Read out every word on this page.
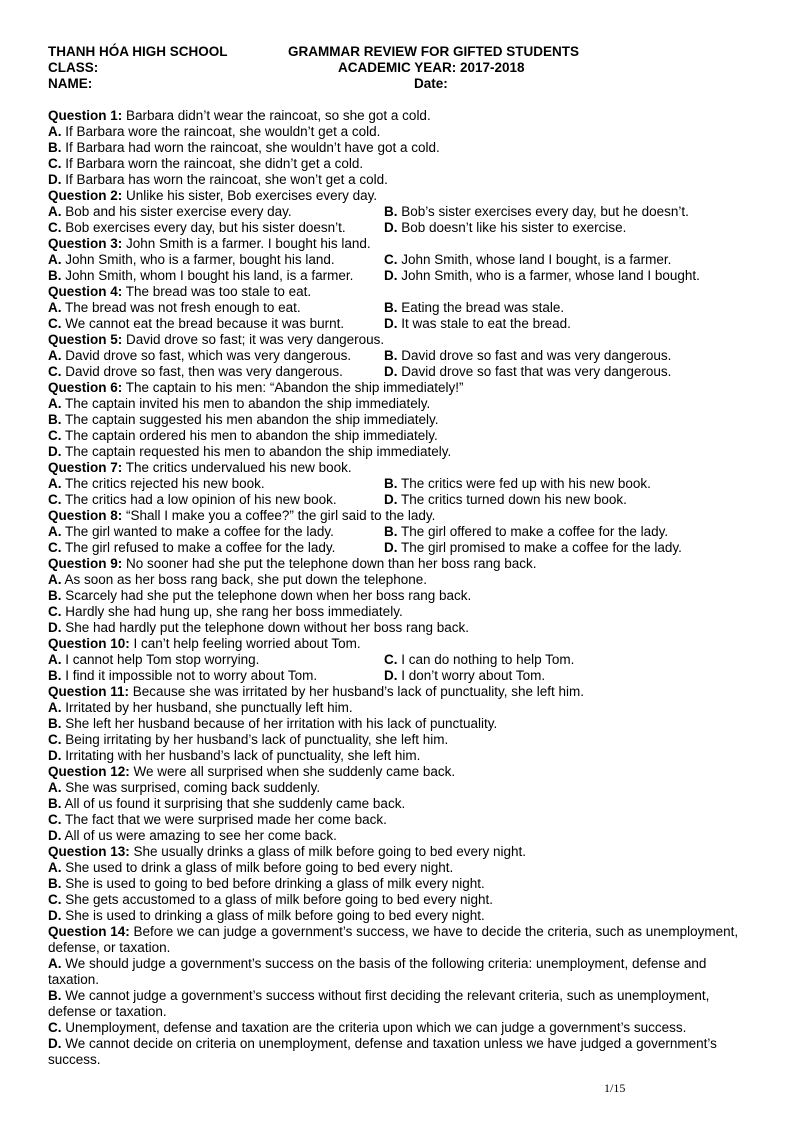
THANH HÓA HIGH SCHOOL
CLASS:
NAME:
GRAMMAR REVIEW FOR GIFTED STUDENTS
ACADEMIC YEAR: 2017-2018
Date:
Question 1: Barbara didn’t wear the raincoat, so she got a cold.
A. If Barbara wore the raincoat, she wouldn’t get a cold.
B. If Barbara had worn the raincoat, she wouldn’t have got a cold.
C. If Barbara worn the raincoat, she didn’t get a cold.
D. If Barbara has worn the raincoat, she won’t get a cold.
Question 2: Unlike his sister, Bob exercises every day.
A. Bob and his sister exercise every day.	B. Bob’s sister exercises every day, but he doesn’t.
C. Bob exercises every day, but his sister doesn’t.	D. Bob doesn’t like his sister to exercise.
Question 3: John Smith is a farmer. I bought his land.
A. John Smith, who is a farmer, bought his land.	C. John Smith, whose land I bought, is a farmer.
B. John Smith, whom I bought his land, is a farmer.	D. John Smith, who is a farmer, whose land I bought.
Question 4: The bread was too stale to eat.
A. The bread was not fresh enough to eat.	B. Eating the bread was stale.
C. We cannot eat the bread because it was burnt.	D. It was stale to eat the bread.
Question 5: David drove so fast; it was very dangerous.
A. David drove so fast, which was very dangerous.	B. David drove so fast and was very dangerous.
C. David drove so fast, then was very dangerous.	D. David drove so fast that was very dangerous.
Question 6: The captain to his men: “Abandon the ship immediately!”
A. The captain invited his men to abandon the ship immediately.
B. The captain suggested his men abandon the ship immediately.
C. The captain ordered his men to abandon the ship immediately.
D. The captain requested his men to abandon the ship immediately.
Question 7: The critics undervalued his new book.
A. The critics rejected his new book.	B. The critics were fed up with his new book.
C. The critics had a low opinion of his new book.	D. The critics turned down his new book.
Question 8: “Shall I make you a coffee?” the girl said to the lady.
A. The girl wanted to make a coffee for the lady.	B. The girl offered to make a coffee for the lady.
C. The girl refused to make a coffee for the lady.	D. The girl promised to make a coffee for the lady.
Question 9: No sooner had she put the telephone down than her boss rang back.
A. As soon as her boss rang back, she put down the telephone.
B. Scarcely had she put the telephone down when her boss rang back.
C. Hardly she had hung up, she rang her boss immediately.
D. She had hardly put the telephone down without her boss rang back.
Question 10: I can’t help feeling worried about Tom.
A. I cannot help Tom stop worrying.	C. I can do nothing to help Tom.
B. I find it impossible not to worry about Tom.	D. I don’t worry about Tom.
Question 11: Because she was irritated by her husband’s lack of punctuality, she left him.
A. Irritated by her husband, she punctually left him.
B. She left her husband because of her irritation with his lack of punctuality.
C. Being irritating by her husband’s lack of punctuality, she left him.
D. Irritating with her husband’s lack of punctuality, she left him.
Question 12: We were all surprised when she suddenly came back.
A. She was surprised, coming back suddenly.
B. All of us found it surprising that she suddenly came back.
C. The fact that we were surprised made her come back.
D. All of us were amazing to see her come back.
Question 13: She usually drinks a glass of milk before going to bed every night.
A. She used to drink a glass of milk before going to bed every night.
B. She is used to going to bed before drinking a glass of milk every night.
C. She gets accustomed to a glass of milk before going to bed every night.
D. She is used to drinking a glass of milk before going to bed every night.
Question 14: Before we can judge a government’s success, we have to decide the criteria, such as unemployment, defense, or taxation.
A. We should judge a government’s success on the basis of the following criteria: unemployment, defense and taxation.
B. We cannot judge a government’s success without first deciding the relevant criteria, such as unemployment, defense or taxation.
C. Unemployment, defense and taxation are the criteria upon which we can judge a government’s success.
D. We cannot decide on criteria on unemployment, defense and taxation unless we have judged a government’s success.
1/15
